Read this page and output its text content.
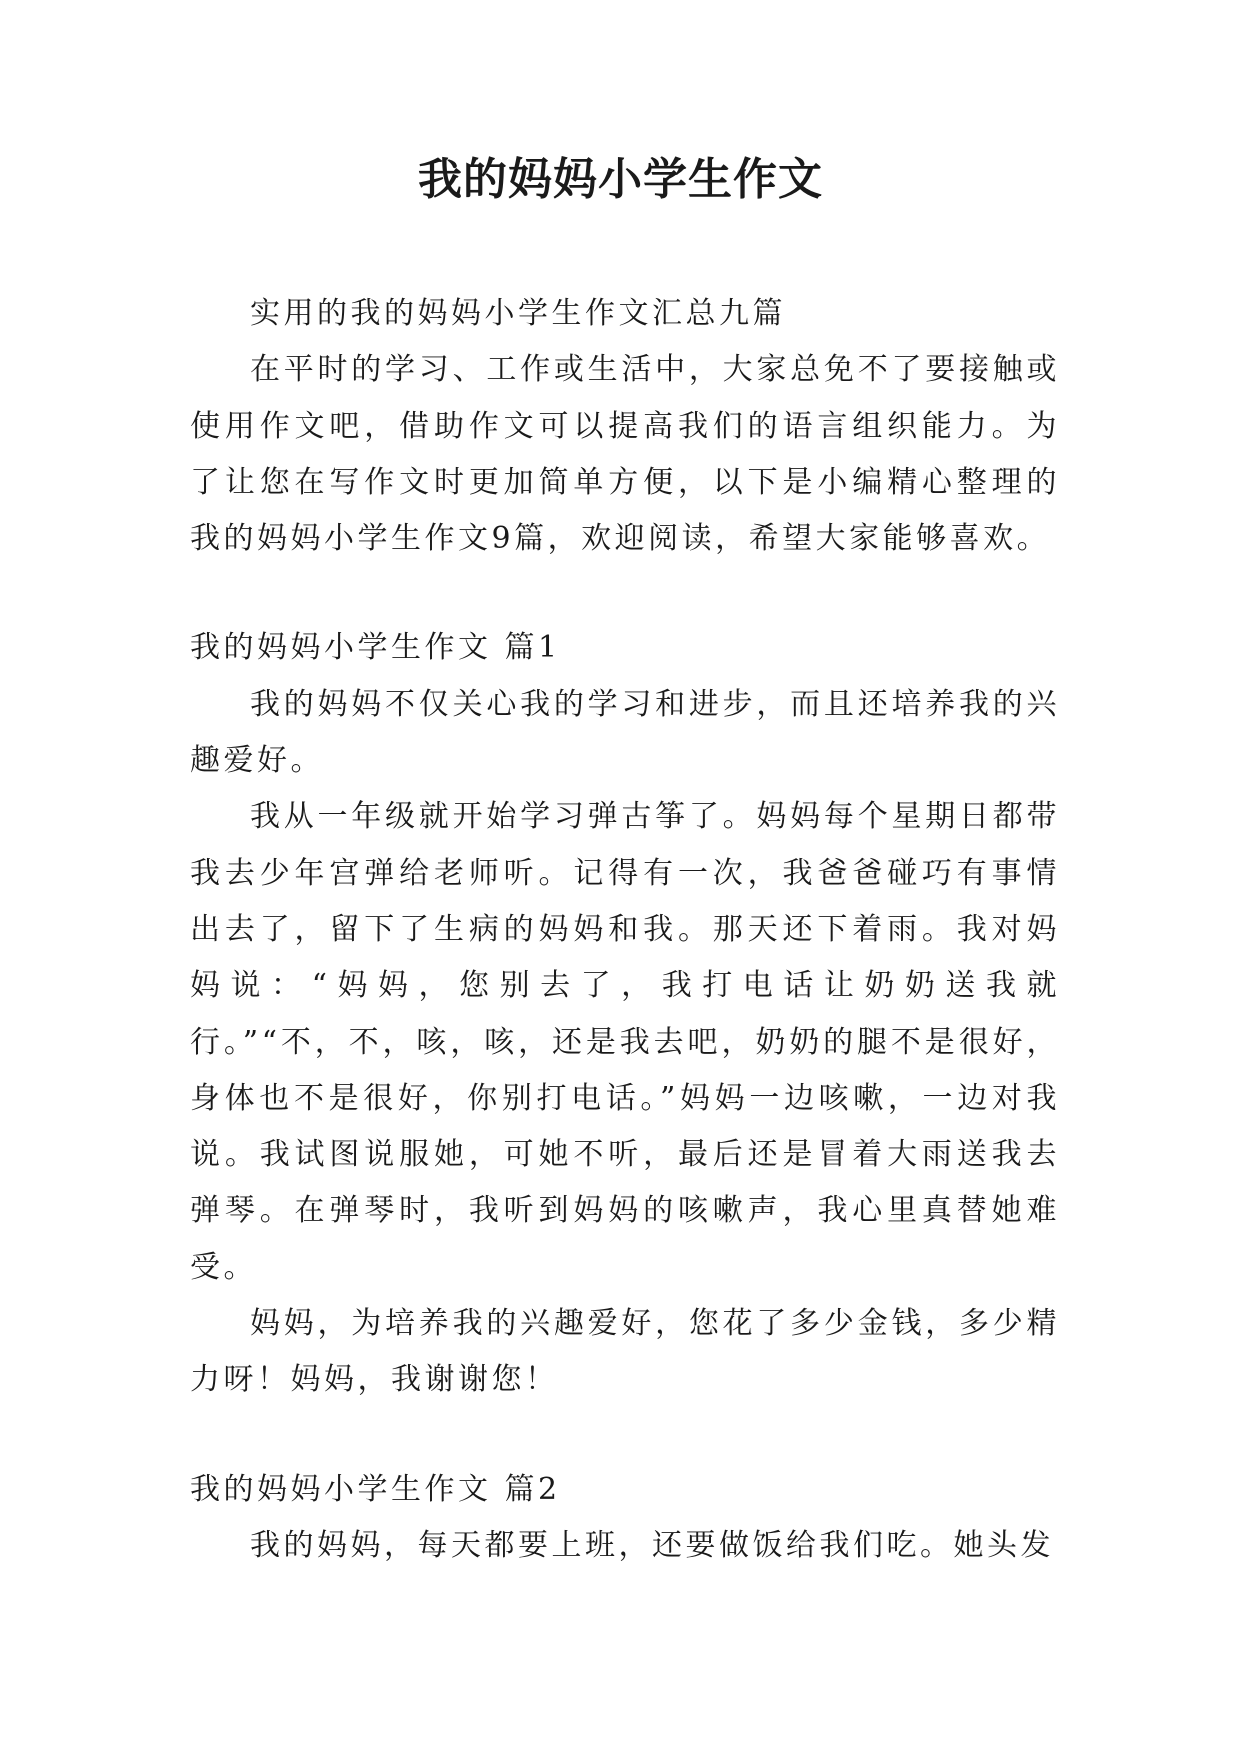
我的妈妈小学生作文

实用的我的妈妈小学生作文汇总九篇

在平时的学习、工作或生活中，大家总免不了要接触或使用作文吧，借助作文可以提高我们的语言组织能力。为了让您在写作文时更加简单方便，以下是小编精心整理的我的妈妈小学生作文9篇，欢迎阅读，希望大家能够喜欢。

我的妈妈小学生作文 篇1

我的妈妈不仅关心我的学习和进步，而且还培养我的兴趣爱好。

我从一年级就开始学习弹古筝了。妈妈每个星期日都带我去少年宫弹给老师听。记得有一次，我爸爸碰巧有事情出去了，留下了生病的妈妈和我。那天还下着雨。我对妈妈说：“妈妈，您别去了，我打电话让奶奶送我就行。”“不，不，咳，咳，还是我去吧，奶奶的腿不是很好，身体也不是很好，你别打电话。”妈妈一边咳嗽，一边对我说。我试图说服她，可她不听，最后还是冒着大雨送我去弹琴。在弹琴时，我听到妈妈的咳嗽声，我心里真替她难受。

妈妈，为培养我的兴趣爱好，您花了多少金钱，多少精力呀！妈妈，我谢谢您！

我的妈妈小学生作文 篇2

我的妈妈，每天都要上班，还要做饭给我们吃。她头发
